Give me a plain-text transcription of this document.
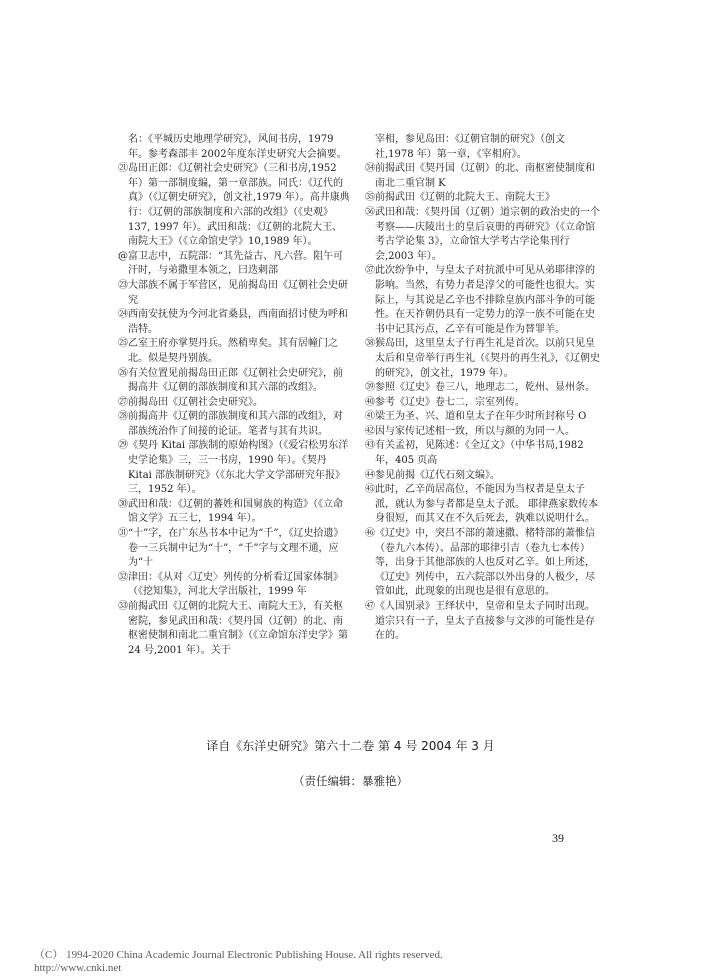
名：《平城历史地理学研究》，风间书房，1979年。参考森部丰 2002年度东洋史研究大会摘要。

㉑岛田正郎：《辽朝社会史研究》（三和书房,1952年）第一部制度编，第一章部族。同氏：《辽代的真》（《辽朝史研究》，创文社,1979 年）。高井康典行：《辽朝的部族制度和六部的改组》（《史观》137, 1997 年）。武田和哉：《辽朝的北院大王、南院大王》（《立命馆史学》10,1989 年）。

@富卫志中，五院部：“其先益古、凡六营。阻午可汗时，与弟撒里本领之，曰迭剌部

㉓大部族不属于军营区，见前揭岛田《辽朝社会史研究

㉔西南安抚使为今河北省桑县，西南面招讨使为呼和浩特。

㉕乙室王府亦掌契丹兵。然稍卑矣。其有居幢门之北。似是契丹别族。

㉖有关位置见前揭岛田正郎《辽朝社会史研究》，前揭高井《辽朝的部族制度和其六部的改组》。

㉗前揭岛田《辽朝社会史研究》。

㉘前揭高井《辽朝的部族制度和其六部的改组》，对部族统治作了间接的论证。笔者与其有共识。

㉙《契丹 Kitai 部族制的原始构图》（《爱宕松男东洋史学论集》三，三一书房，1990 年）。《契丹 Kitai 部族制研究》（《东北大学文学部研究年报》三，1952 年）。

㉚武田和哉：《辽朝的蕃姓和国舅族的构造》（《立命馆文学》五三七，1994 年）。

㉛“十”字，在广东丛书本中记为“千”，《辽史拾遗》卷一三兵制中记为“十”，“千”字与文理不通，应为“十

㉜津田：《从对〈辽史〉列传的分析看辽国家体制》（《挖知集》，河北大学出版社，1999 年

㉝前揭武田《辽朝的北院大王、南院大王》，有关枢密院，参见武田和哉：《契丹国（辽朝）的北、南枢密使制和南北二重官制》（《立命馆东洋史学》第 24 号,2001 年）。关于

宰相，参见岛田：《辽朝官制的研究》（创文社,1978 年）第一章，《宰相府》。

㉞前揭武田《契丹国（辽朝）的北、南枢密使制度和南北二重官制 K

㉟前揭武田《辽朝的北院大王、南院大王》

㊱武田和哉：《契丹国（辽朝）道宗朝的政治史的一个考察——庆陵出土的皇后哀册的再研究》（《立命馆考古学论集 3》，立命馆大学考古学论集刊行会,2003 年）。

㊲此次纷争中，与皇太子对抗派中可见从弟耶律淳的影响。当然，有势力者是淳父的可能性也很大。实际上，与其说是乙辛也不排除皇族内部斗争的可能性。在天祚朝仍具有一定势力的淳一族不可能在史书中记其污点，乙辛有可能是作为替罪羊。

㊳猴岛田，这里皇太子行再生礼是首次。以前只见皇太后和皇帝举行再生礼（《契丹的再生礼》，《辽朝史的研究》，创文社，1979 年）。

㊴参照《辽史》卷三八，地理志二，乾州、显州条。

㊵参考《辽史》卷七二，宗室列传。

㊶梁王为圣、兴、道和皇太子在年少时所封称号 O

㊷因与家传记述相一致，所以与颜的为同一人。

㊸有关孟初，见陈述：《全辽文》（中华书局,1982 年，405 页高

㊹参见前揭《辽代石刻文编》。

㊺此时，乙辛尚居高位，不能因为当权者是皇太子派，就认为参与者都是皇太子派。 耶律燕家数传本身很短，而其又在不久后死去，孰难以说明什么。

㊻《辽史》中，突吕不部的萧速撒、楮特部的萧惟信（卷九六本传）、品部的耶律引吉（卷九七本传）等，出身于其他部族的人也反对乙辛。如上所述，《辽史》列传中，五六院部以外出身的人极少，尽管如此，此现象的出现也是很有意思的。

㊼《人国别录》王绎状中，皇帝和皇太子同时出现。道宗只有一子，皇太子直接参与文涉的可能性是存在的。

译自《东洋史研究》第六十二卷 第 4 号 2004 年 3 月

（责任编辑：暴雅艳）

39

（C） 1994-2020 China Academic Journal Electronic Publishing House. All rights reserved.

http://www.cnki.net
